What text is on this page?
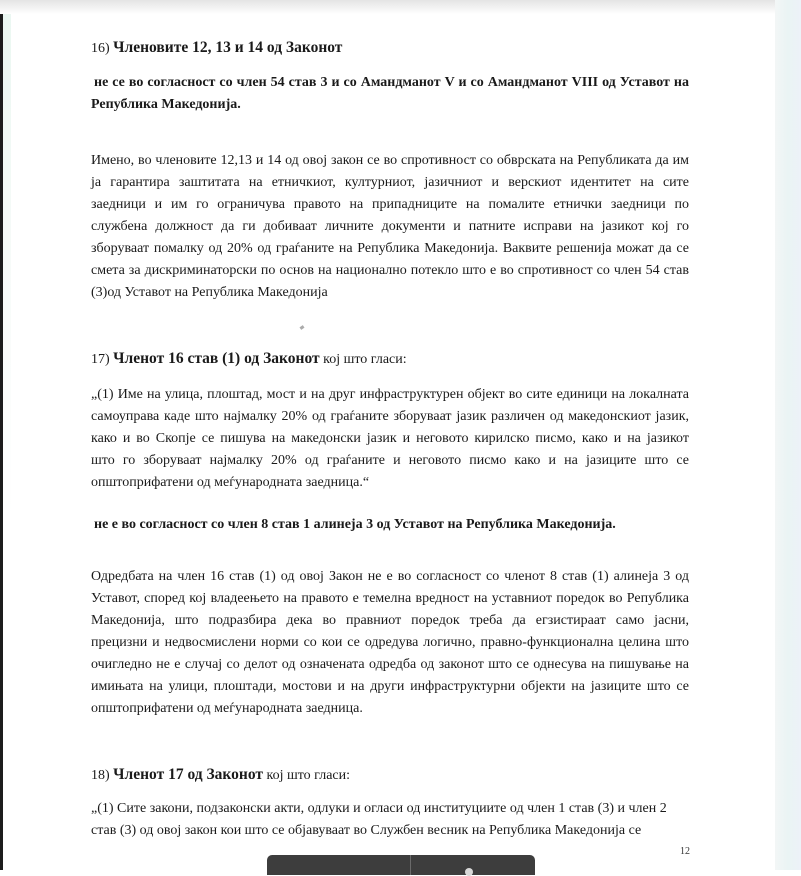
16) Членовите 12, 13 и 14 од Законот

не се во согласност со член 54 став 3 и со Амандманот V и со Амандманот VIII од Уставот на

Република Македонија.

Имено, во членовите 12,13 и 14 од овој закон се во спротивност со обврската на Републиката да им

ја гарантира заштитата на етничкиот, културниот, јазичниот и верскиот идентитет на сите

заедници и им го ограничува правото на припадниците на помалите етнички заедници по

службена должност да ги добиваат личните документи и патните исправи на јазикот кој го

зборуваат помалку од 20% од граѓаните на Република Македонија. Ваквите решенија можат да се

смета за дискриминаторски по основ на национално потекло што е во спротивност со член 54 став

(3)од Уставот на Република Македонија

17) Членот 16 став (1) од Законот кој што гласи:

„(1) Име на улица, плоштад, мост и на друг инфраструктурен објект во сите единици на локалната

самоуправа каде што најмалку 20% од граѓаните зборуваат јазик различен од македонскиот јазик,

како и во Скопје се пишува на македонски јазик и неговото кирилско писмо, како и на јазикот

што го зборуваат најмалку 20% од граѓаните и неговото писмо како и на јазиците што се

општоприфатени од меѓународната заедница.“

не е во согласност со член 8 став 1 алинеја 3 од Уставот на Република Македонија.

Одредбата на член 16 став (1) од овој Закон не е во согласност со членот 8 став (1) алинеја 3 од

Уставот, според кој владеењето на правото е темелна вредност на уставниот поредок во Република

Македонија, што подразбира дека во правниот поредок треба да егзистираат само јасни,

прецизни и недвосмислени норми со кои се одредува логично, правно-функционална целина што

очигледно не е случај со делот од означената одредба од законот што се однесува на пишување на

имињата на улици, плоштади, мостови и на други инфраструктурни објекти на јазиците што се

општоприфатени од меѓународната заедница.

18) Членот 17 од Законот кој што гласи:

„(1) Сите закони, подзаконски акти, одлуки и огласи од институциите од член 1 став (3) и член 2

став (3) од овој закон кои што се објавуваат во Службен весник на Република Македонија се

12
